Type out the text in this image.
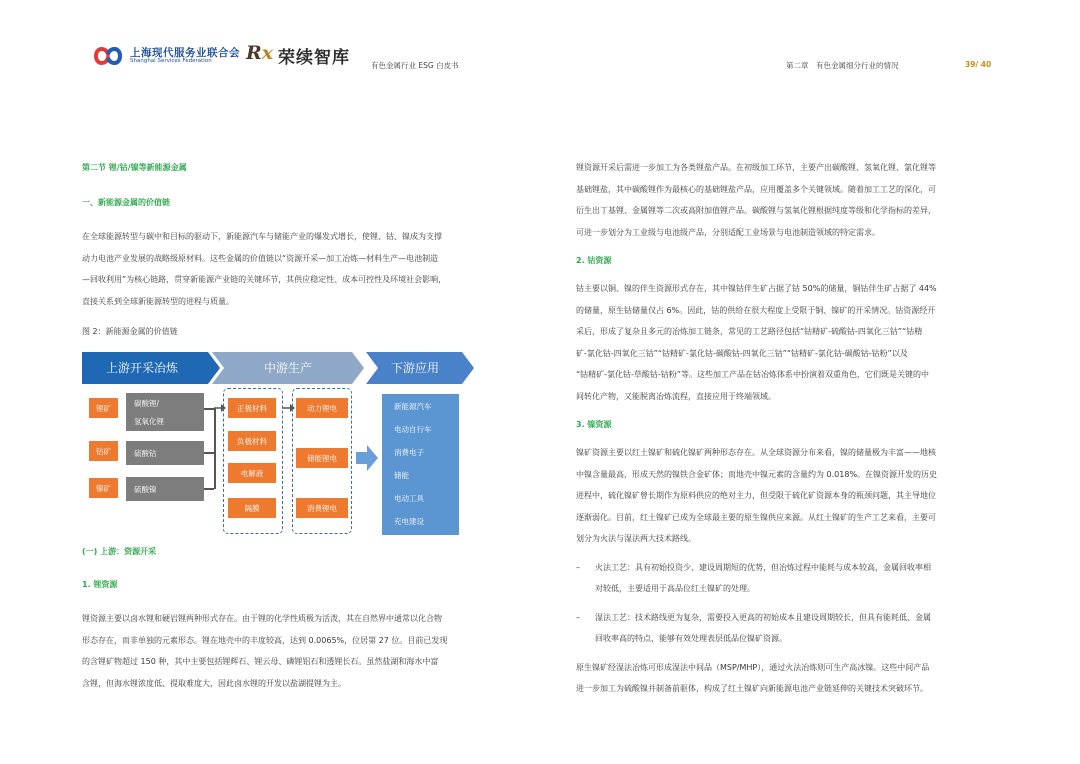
上海现代服务业联合会
Shanghai Services Federation Rx 荣续智库	有色金属行业 ESG 白皮书	第二章　有色金属细分行业的情况	39/ 40
第二节 锂/钴/镍等新能源金属
一、新能源金属的价值链
在全球能源转型与碳中和目标的驱动下，新能源汽车与储能产业的爆发式增长，使锂、钴、镍成为支撑
动力电池产业发展的战略级原材料。这些金属的价值链以“资源开采—加工冶炼—材料生产—电池制造
—回收利用”为核心链路，贯穿新能源产业链的关键环节，其供应稳定性、成本可控性及环境社会影响，
直接关系到全球新能源转型的进程与质量。
图 2：新能源金属的价值链
上游开采冶炼	中游生产	下游应用
锂矿
钴矿
镍矿
碳酸锂/
氢氧化锂
硫酸钴
硫酸镍
正极材料
负极材料
电解液
隔膜
动力锂电
储能锂电
消费锂电
新能源汽车
电动自行车
消费电子
储能
电动工具
充电建设
(一) 上游：资源开采
1. 锂资源
锂资源主要以卤水锂和硬岩锂两种形式存在。由于锂的化学性质极为活泼，其在自然界中通常以化合物
形态存在，而非单独的元素形态。锂在地壳中的丰度较高，达到 0.0065%，位居第 27 位。目前已发现
的含锂矿物超过 150 种，其中主要包括锂辉石、锂云母、磷锂铝石和透锂长石。虽然盐湖和海水中富
含锂，但海水锂浓度低、提取难度大，因此卤水锂的开发以盐湖提锂为主。
锂资源开采后需进一步加工为各类锂盐产品。在初级加工环节，主要产出碳酸锂、氢氧化锂、氯化锂等
基础锂盐，其中碳酸锂作为最核心的基础锂盐产品，应用覆盖多个关键领域。随着加工工艺的深化，可
衍生出丁基锂、金属锂等二次或高附加值锂产品。碳酸锂与氢氧化锂根据纯度等级和化学指标的差异，
可进一步划分为工业级与电池级产品，分别适配工业场景与电池制造领域的特定需求。
2. 钴资源
钴主要以铜、镍的伴生资源形式存在，其中镍钴伴生矿占据了钴 50%的储量，铜钴伴生矿占据了 44%
的储量，原生钴储量仅占 6%。因此，钴的供给在很大程度上受限于铜、镍矿的开采情况。钴资源经开
采后，形成了复杂且多元的冶炼加工链条，常见的工艺路径包括“钴精矿-硫酸钴-四氧化三钴”“钴精
矿-氯化钴-四氧化三钴”“钴精矿-氯化钴-碳酸钴-四氧化三钴”“钴精矿-氯化钴-碳酸钴-钴粉”以及
“钴精矿-氯化钴-草酸钴-钴粉”等。这些加工产品在钴冶炼体系中扮演着双重角色，它们既是关键的中
间转化产物，又能脱离冶炼流程，直接应用于终端领域。
3. 镍资源
镍矿资源主要以红土镍矿和硫化镍矿两种形态存在。从全球资源分布来看，镍的储量极为丰富——地核
中镍含量最高，形成天然的镍铁合金矿体；而地壳中镍元素的含量约为 0.018%。在镍资源开发的历史
进程中，硫化镍矿曾长期作为原料供应的绝对主力，但受限于硫化矿资源本身的瓶颈问题，其主导地位
逐渐弱化。目前，红土镍矿已成为全球最主要的原生镍供应来源。从红土镍矿的生产工艺来看，主要可
划分为火法与湿法两大技术路线。
– 火法工艺：具有初始投资少、建设周期短的优势，但冶炼过程中能耗与成本较高，金属回收率相
对较低，主要适用于高品位红土镍矿的处理。
– 湿法工艺：技术路线更为复杂，需要投入更高的初始成本且建设周期较长，但具有能耗低、金属
回收率高的特点，能够有效处理表层低品位镍矿资源。
原生镍矿经湿法冶炼可形成湿法中间品（MSP/MHP），通过火法冶炼则可生产高冰镍。这些中间产品
进一步加工为硫酸镍并制备前驱体，构成了红土镍矿向新能源电池产业链延伸的关键技术突破环节。
